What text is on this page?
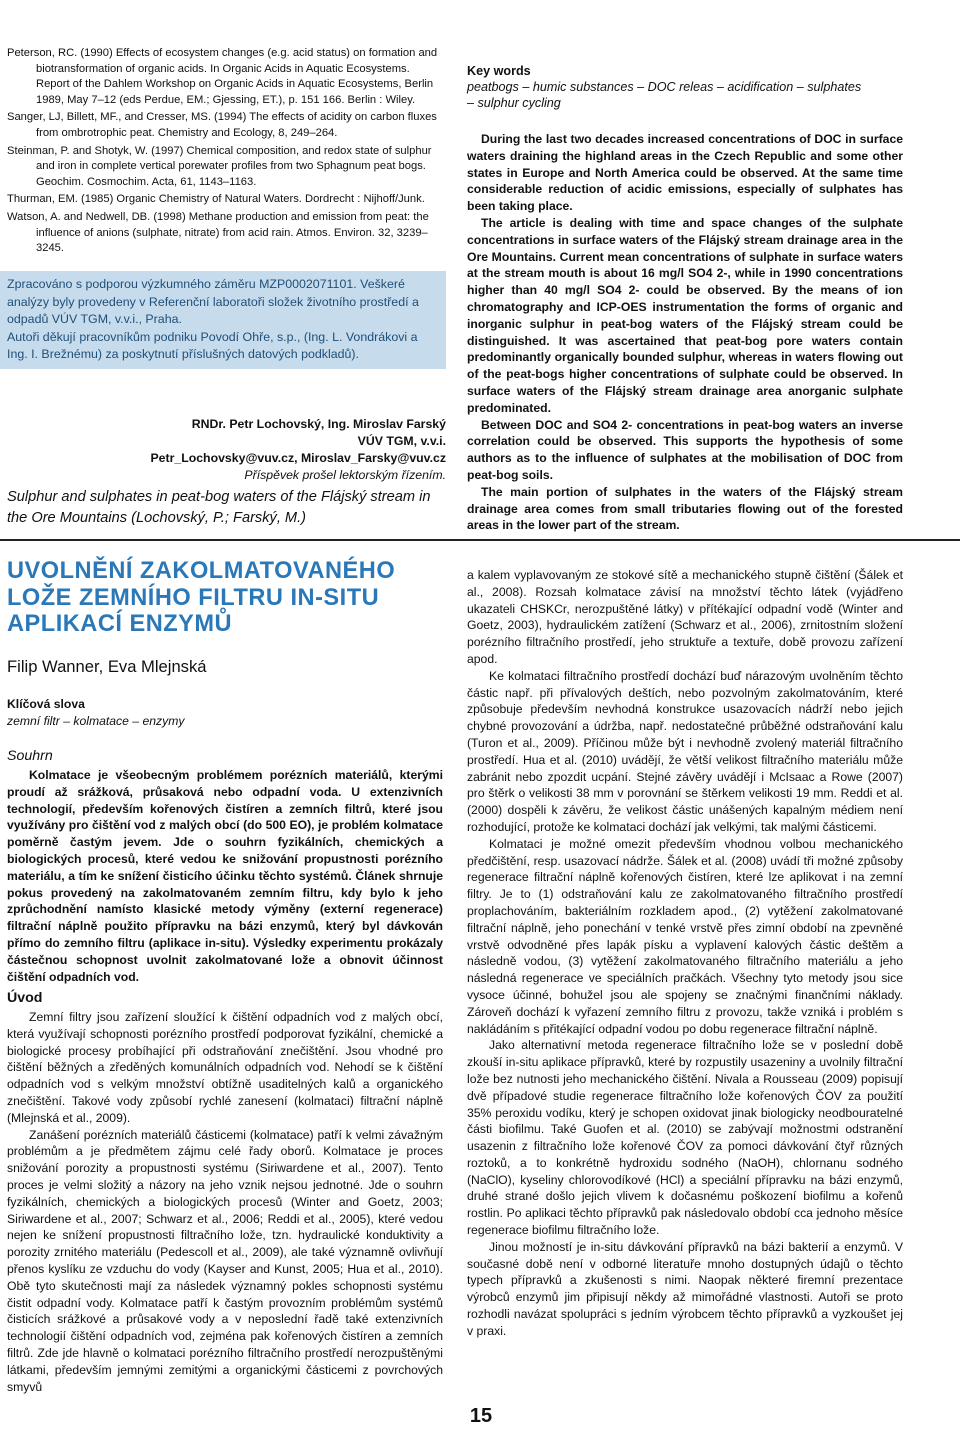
Peterson, RC. (1990) Effects of ecosystem changes (e.g. acid status) on formation and biotransformation of organic acids. In Organic Acids in Aquatic Ecosystems. Report of the Dahlem Workshop on Organic Acids in Aquatic Ecosystems, Berlin 1989, May 7–12 (eds Perdue, EM.; Gjessing, ET.), p. 151 166. Berlin : Wiley.

Sanger, LJ, Billett, MF., and Cresser, MS. (1994) The effects of acidity on carbon fluxes from ombrotrophic peat. Chemistry and Ecology, 8, 249–264.

Steinman, P. and Shotyk, W. (1997) Chemical composition, and redox state of sulphur and iron in complete vertical porewater profiles from two Sphagnum peat bogs. Geochim. Cosmochim. Acta, 61, 1143–1163.

Thurman, EM. (1985) Organic Chemistry of Natural Waters. Dordrecht : Nijhoff/Junk.

Watson, A. and Nedwell, DB. (1998) Methane production and emission from peat: the influence of anions (sulphate, nitrate) from acid rain. Atmos. Environ. 32, 3239–3245.

Zpracováno s podporou výzkumného záměru MZP0002071101. Veškeré analýzy byly provedeny v Referenční laboratoři složek životního prostředí a odpadů VÚV TGM, v.v.i., Praha.

Autoři děkují pracovníkům podniku Povodí Ohře, s.p., (Ing. L. Vondrákovi a Ing. I. Brežnému) za poskytnutí příslušných datových podkladů).

RNDr. Petr Lochovský, Ing. Miroslav Farský
VÚV TGM, v.v.i.
Petr_Lochovsky@vuv.cz, Miroslav_Farsky@vuv.cz
Příspěvek prošel lektorským řízením.
Sulphur and sulphates in peat-bog waters of the Flájský stream in the Ore Mountains (Lochovský, P.; Farský, M.)
Key words
peatbogs – humic substances – DOC releas – acidification – sulphates
– sulphur cycling

During the last two decades increased concentrations of DOC in surface waters draining the highland areas in the Czech Republic and some other states in Europe and North America could be observed. At the same time considerable reduction of acidic emissions, especially of sulphates has been taking place.

The article is dealing with time and space changes of the sulphate concentrations in surface waters of the Flájský stream drainage area in the Ore Mountains. Current mean concentrations of sulphate in surface waters at the stream mouth is about 16 mg/l SO4 2-, while in 1990 concentrations higher than 40 mg/l SO4 2- could be observed. By the means of ion chromatography and ICP-OES instrumentation the forms of organic and inorganic sulphur in peat-bog waters of the Flájský stream could be distinguished. It was ascertained that peat-bog pore waters contain predominantly organically bounded sulphur, whereas in waters flowing out of the peat-bogs higher concentrations of sulphate could be observed. In surface waters of the Flájský stream drainage area anorganic sulphate predominated.

Between DOC and SO4 2- concentrations in peat-bog waters an inverse correlation could be observed. This supports the hypothesis of some authors as to the influence of sulphates at the mobilisation of DOC from peat-bog soils.

The main portion of sulphates in the waters of the Flájský stream drainage area comes from small tributaries flowing out of the forested areas in the lower part of the stream.

UVOLNĚNÍ ZAKOLMATOVANÉHO LOŽE ZEMNÍHO FILTRU IN-SITU APLIKACÍ ENZYMŮ
Filip Wanner, Eva Mlejnská
Klíčová slova
zemní filtr – kolmatace – enzymy
Souhrn

Kolmatace je všeobecným problémem porézních materiálů, kterými proudí až srážková, průsaková nebo odpadní voda. U extenzivních technologií, především kořenových čistíren a zemních filtrů, které jsou využívány pro čištění vod z malých obcí (do 500 EO), je problém kolmatace poměrně častým jevem. Jde o souhrn fyzikálních, chemických a biologických procesů, které vedou ke snižování propustnosti porézního materiálu, a tím ke snížení čisticího účinku těchto systémů. Článek shrnuje pokus provedený na zakolmatovaném zemním filtru, kdy bylo k jeho zprůchodnění namísto klasické metody výměny (externí regenerace) filtrační náplně použito přípravku na bázi enzymů, který byl dávkován přímo do zemního filtru (aplikace in-situ). Výsledky experimentu prokázaly částečnou schopnost uvolnit zakolmatované lože a obnovit účinnost čištění odpadních vod.

Úvod

Zemní filtry jsou zařízení sloužící k čištění odpadních vod z malých obcí, která využívají schopnosti porézního prostředí podporovat fyzikální, chemické a biologické procesy probíhající při odstraňování znečištění. Jsou vhodné pro čištění běžných a zředěných komunálních odpadních vod. Nehodí se k čištění odpadních vod s velkým množství obtížně usaditelných kalů a organického znečištění. Takové vody způsobí rychlé zanesení (kolmataci) filtrační náplně (Mlejnská et al., 2009).

Zanášení porézních materiálů částicemi (kolmatace) patří k velmi závažným problémům a je předmětem zájmu celé řady oborů. Kolmatace je proces snižování porozity a propustnosti systému (Siriwardene et al., 2007). Tento proces je velmi složitý a názory na jeho vznik nejsou jednotné. Jde o souhrn fyzikálních, chemických a biologických procesů (Winter and Goetz, 2003; Siriwardene et al., 2007; Schwarz et al., 2006; Reddi et al., 2005), které vedou nejen ke snížení propustnosti filtračního lože, tzn. hydraulické konduktivity a porozity zrnitého materiálu (Pedescoll et al., 2009), ale také významně ovlivňují přenos kyslíku ze vzduchu do vody (Kayser and Kunst, 2005; Hua et al., 2010). Obě tyto skutečnosti mají za následek významný pokles schopnosti systému čistit odpadní vody. Kolmatace patří k častým provozním problémům systémů čisticích srážkové a průsakové vody a v neposlední řadě také extenzivních technologií čištění odpadních vod, zejména pak kořenových čistíren a zemních filtrů. Zde jde hlavně o kolmataci porézního filtračního prostředí nerozpuštěnými látkami, především jemnými zemitými a organickými částicemi z povrchových smyvů

a kalem vyplavovaným ze stokové sítě a mechanického stupně čištění (Šálek et al., 2008). Rozsah kolmatace závisí na množství těchto látek (vyjádřeno ukazateli CHSKCr, nerozpuštěné látky) v přítékající odpadní vodě (Winter and Goetz, 2003), hydraulickém zatížení (Schwarz et al., 2006), zrnitostním složení porézního filtračního prostředí, jeho struktuře a textuře, době provozu zařízení apod.

Ke kolmataci filtračního prostředí dochází buď nárazovým uvolněním těchto částic např. při přívalových deštích, nebo pozvolným zakolmatováním, které způsobuje především nevhodná konstrukce usazovacích nádrží nebo jejich chybné provozování a údržba, např. nedostatečné průběžné odstraňování kalu (Turon et al., 2009). Příčinou může být i nevhodně zvolený materiál filtračního prostředí. Hua et al. (2010) uvádějí, že větší velikost filtračního materiálu může zabránit nebo zpozdit ucpání. Stejné závěry uvádějí i McIsaac a Rowe (2007) pro štěrk o velikosti 38 mm v porovnání se štěrkem velikosti 19 mm. Reddi et al. (2000) dospěli k závěru, že velikost částic unášených kapalným médiem není rozhodující, protože ke kolmataci dochází jak velkými, tak malými částicemi.

Kolmataci je možné omezit především vhodnou volbou mechanického předčištění, resp. usazovací nádrže. Šálek et al. (2008) uvádí tři možné způsoby regenerace filtrační náplně kořenových čistíren, které lze aplikovat i na zemní filtry. Je to (1) odstraňování kalu ze zakolmatovaného filtračního prostředí proplachováním, bakteriálním rozkladem apod., (2) vytěžení zakolmatované filtrační náplně, jeho ponechání v tenké vrstvě přes zimní období na zpevněné vrstvě odvodněné přes lapák písku a vyplavení kalových částic deštěm a následně vodou, (3) vytěžení zakolmatovaného filtračního materiálu a jeho následná regenerace ve speciálních pračkách. Všechny tyto metody jsou sice vysoce účinné, bohužel jsou ale spojeny se značnými finančními náklady. Zároveň dochází k vyřazení zemního filtru z provozu, takže vzniká i problém s nakládáním s přitékající odpadní vodou po dobu regenerace filtrační náplně.

Jako alternativní metoda regenerace filtračního lože se v poslední době zkouší in-situ aplikace přípravků, které by rozpustily usazeniny a uvolnily filtrační lože bez nutnosti jeho mechanického čištění. Nivala a Rousseau (2009) popisují dvě případové studie regenerace filtračního lože kořenových ČOV za použití 35% peroxidu vodíku, který je schopen oxidovat jinak biologicky neodbouratelné části biofilmu. Také Guofen et al. (2010) se zabývají možnostmi odstranění usazenin z filtračního lože kořenové ČOV za pomoci dávkování čtyř různých roztoků, a to konkrétně hydroxidu sodného (NaOH), chlornanu sodného (NaClO), kyseliny chlorovodíkové (HCl) a speciální přípravku na bázi enzymů, druhé strané došlo jejich vlivem k dočasnému poškození biofilmu a kořenů rostlin. Po aplikaci těchto přípravků pak následovalo období cca jednoho měsíce regenerace biofilmu filtračního lože.

Jinou možností je in-situ dávkování přípravků na bázi bakterií a enzymů. V současné době není v odborné literatuře mnoho dostupných údajů o těchto typech přípravků a zkušenosti s nimi. Naopak některé firemní prezentace výrobců enzymů jim připisují někdy až mimořádné vlastnosti. Autoři se proto rozhodli navázat spolupráci s jedním výrobcem těchto přípravků a vyzkoušet jej v praxi.

15
